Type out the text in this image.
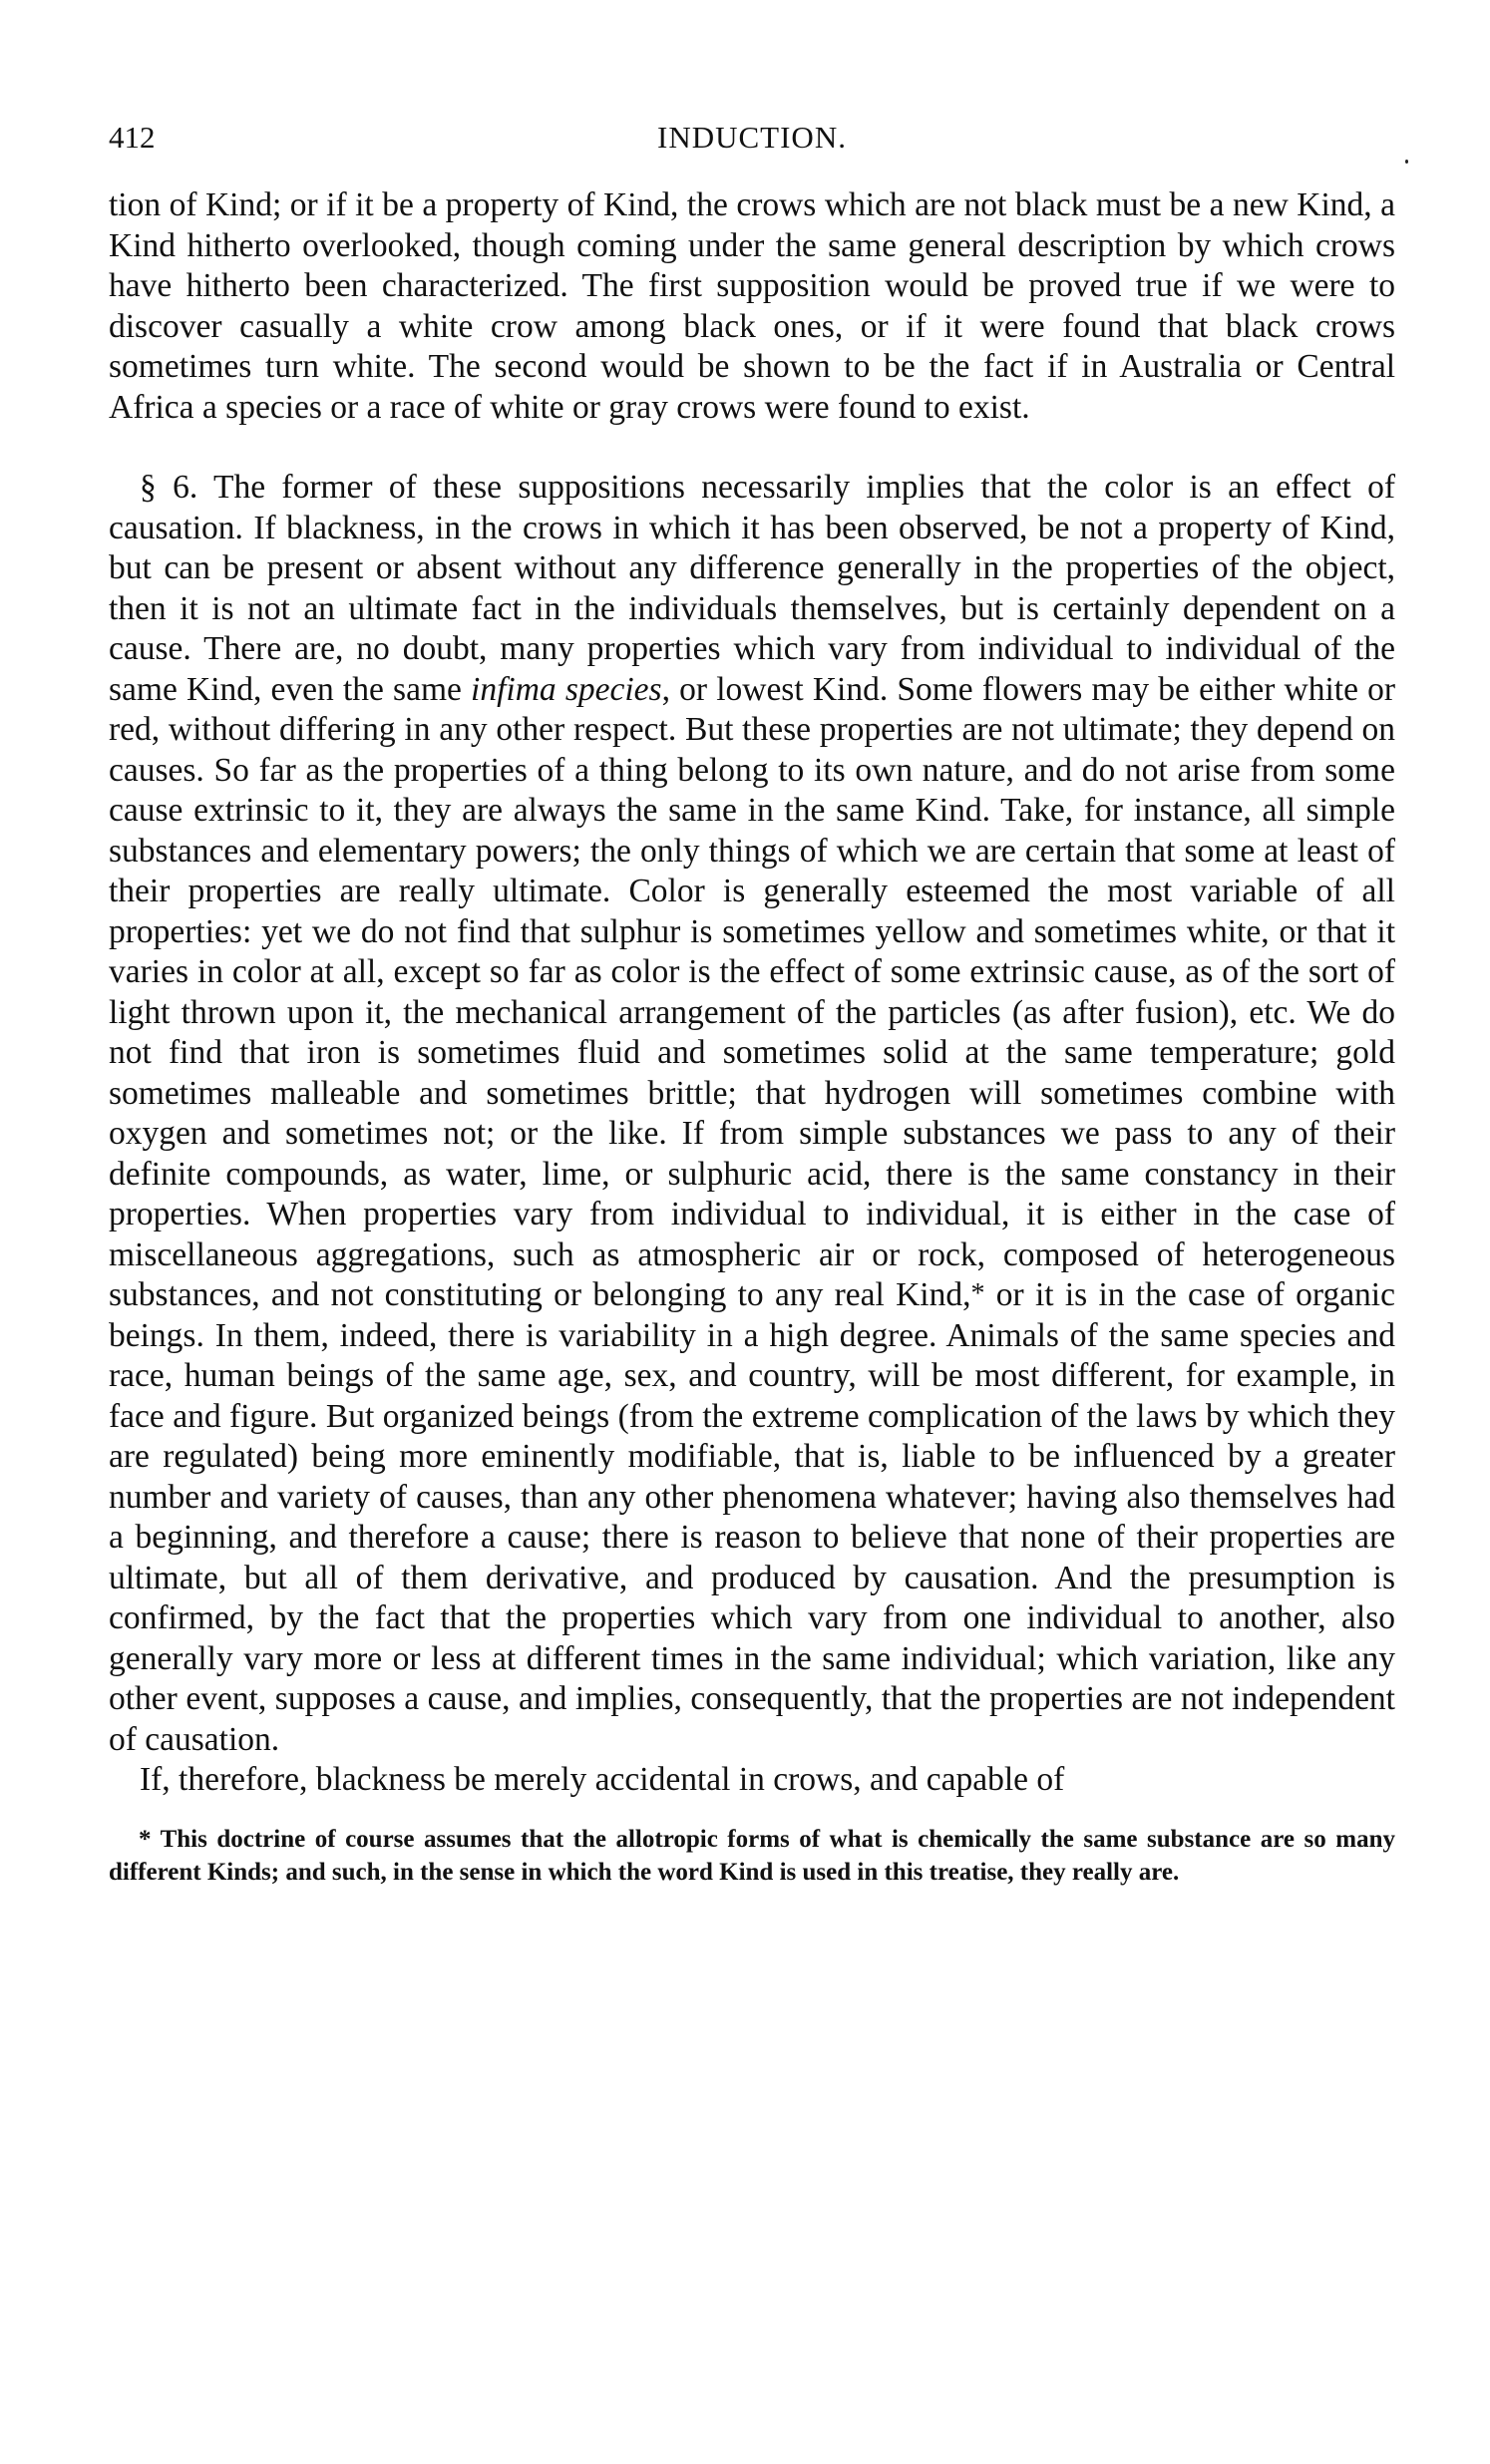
412	INDUCTION.

tion of Kind; or if it be a property of Kind, the crows which are not black must be a new Kind, a Kind hitherto overlooked, though coming under the same general description by which crows have hitherto been characterized. The first supposition would be proved true if we were to discover casually a white crow among black ones, or if it were found that black crows sometimes turn white. The second would be shown to be the fact if in Australia or Central Africa a species or a race of white or gray crows were found to exist.

§ 6. The former of these suppositions necessarily implies that the color is an effect of causation. If blackness, in the crows in which it has been observed, be not a property of Kind, but can be present or absent without any difference generally in the properties of the object, then it is not an ultimate fact in the individuals themselves, but is certainly dependent on a cause. There are, no doubt, many properties which vary from individual to individual of the same Kind, even the same infima species, or lowest Kind. Some flowers may be either white or red, without differing in any other respect. But these properties are not ultimate; they depend on causes. So far as the properties of a thing belong to its own nature, and do not arise from some cause extrinsic to it, they are always the same in the same Kind. Take, for instance, all simple substances and elementary powers; the only things of which we are certain that some at least of their properties are really ultimate. Color is generally esteemed the most variable of all properties: yet we do not find that sulphur is sometimes yellow and sometimes white, or that it varies in color at all, except so far as color is the effect of some extrinsic cause, as of the sort of light thrown upon it, the mechanical arrangement of the particles (as after fusion), etc. We do not find that iron is sometimes fluid and sometimes solid at the same temperature; gold sometimes malleable and sometimes brittle; that hydrogen will sometimes combine with oxygen and sometimes not; or the like. If from simple substances we pass to any of their definite compounds, as water, lime, or sulphuric acid, there is the same constancy in their properties. When properties vary from individual to individual, it is either in the case of miscellaneous aggregations, such as atmospheric air or rock, composed of heterogeneous substances, and not constituting or belonging to any real Kind,* or it is in the case of organic beings. In them, indeed, there is variability in a high degree. Animals of the same species and race, human beings of the same age, sex, and country, will be most different, for example, in face and figure. But organized beings (from the extreme complication of the laws by which they are regulated) being more eminently modifiable, that is, liable to be influenced by a greater number and variety of causes, than any other phenomena whatever; having also themselves had a beginning, and therefore a cause; there is reason to believe that none of their properties are ultimate, but all of them derivative, and produced by causation. And the presumption is confirmed, by the fact that the properties which vary from one individual to another, also generally vary more or less at different times in the same individual; which variation, like any other event, supposes a cause, and implies, consequently, that the properties are not independent of causation.

If, therefore, blackness be merely accidental in crows, and capable of

* This doctrine of course assumes that the allotropic forms of what is chemically the same substance are so many different Kinds; and such, in the sense in which the word Kind is used in this treatise, they really are.
